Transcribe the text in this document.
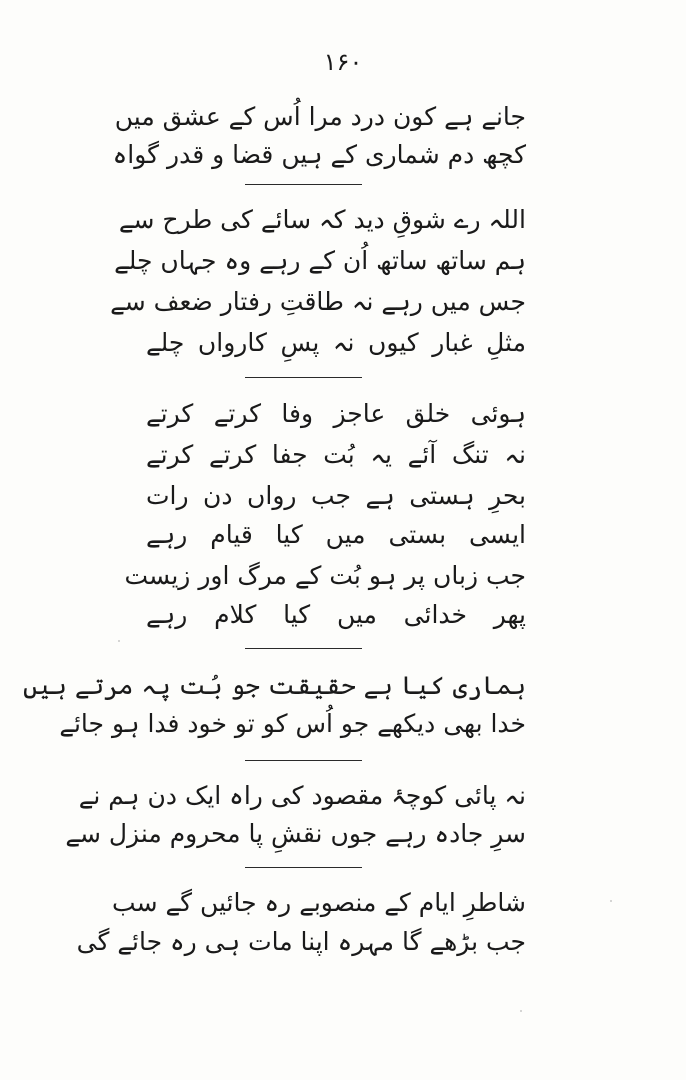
۱۶۰
جانے ہے کون درد مرا اُس کے عشق میں
کچھ دم شماری کے ہیں قضا و قدر گواہ
اللہ رے شوقِ دید کہ سائے کی طرح سے
ہم ساتھ ساتھ اُن کے رہے وہ جہاں چلے
جس میں رہے نہ طاقتِ رفتار ضعف سے
مثلِ غبار کیوں نہ پسِ کارواں چلے
ہوئی خلق عاجز وفا کرتے کرتے
نہ تنگ آئے یہ بُت جفا کرتے کرتے
بحرِ ہستی ہے جب رواں دن رات
ایسی بستی میں کیا قیام رہے
جب زباں پر ہو بُت کے مرگ اور زیست
پھر خدائی میں کیا کلام رہے
ہماری کیا ہے حقیقت جو بُت پہ مرتے ہیں
خدا بھی دیکھے جو اُس کو تو خود فدا ہو جائے
نہ پائی کوچۂ مقصود کی راہ ایک دن ہم نے
سرِ جادہ رہے جوں نقشِ پا محروم منزل سے
شاطرِ ایام کے منصوبے رہ جائیں گے سب
جب بڑھے گا مہرہ اپنا مات ہی رہ جائے گی
